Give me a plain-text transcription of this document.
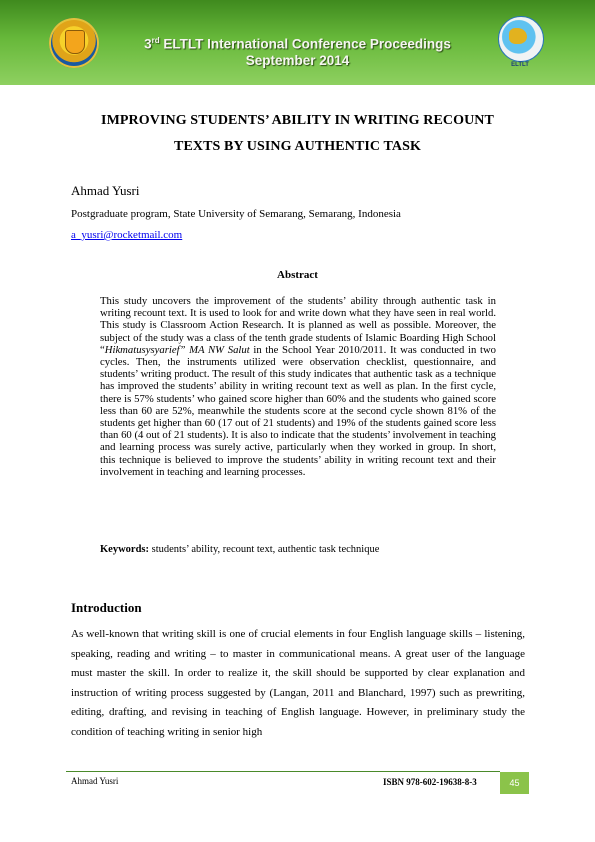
3rd ELTLT International Conference Proceedings
September 2014	ELTLT
IMPROVING STUDENTS’ ABILITY IN WRITING RECOUNT
TEXTS BY USING AUTHENTIC TASK
Ahmad Yusri
Postgraduate program, State University of Semarang, Semarang, Indonesia
a_yusri@rocketmail.com
Abstract
This study uncovers the improvement of the students’ ability through authentic task in writing recount text. It is used to look for and write down what they have seen in real world. This study is Classroom Action Research. It is planned as well as possible. Moreover, the subject of the study was a class of the tenth grade students of Islamic Boarding High School “Hikmatusysyarief” MA NW Salut in the School Year 2010/2011. It was conducted in two cycles. Then, the instruments utilized were observation checklist, questionnaire, and students’ writing product. The result of this study indicates that authentic task as a technique has improved the students’ ability in writing recount text as well as plan. In the first cycle, there is 57% students’ who gained score higher than 60% and the students who gained score less than 60 are 52%, meanwhile the students score at the second cycle shown 81% of the students get higher than 60 (17 out of 21 students) and 19% of the students gained score less than 60 (4 out of 21 students). It is also to indicate that the students’ involvement in teaching and learning process was surely active, particularly when they worked in group. In short, this technique is believed to improve the students’ ability in writing recount text and their involvement in teaching and learning processes.
Keywords: students’ ability, recount text, authentic task technique
Introduction
As well-known that writing skill is one of crucial elements in four English language skills – listening, speaking, reading and writing – to master in communicational means. A great user of the language must master the skill. In order to realize it, the skill should be supported by clear explanation and instruction of writing process suggested by (Langan, 2011 and Blanchard, 1997) such as prewriting, editing, drafting, and revising in teaching of English language. However, in preliminary study the condition of teaching writing in senior high
Ahmad Yusri	ISBN 978-602-19638-8-3	45
